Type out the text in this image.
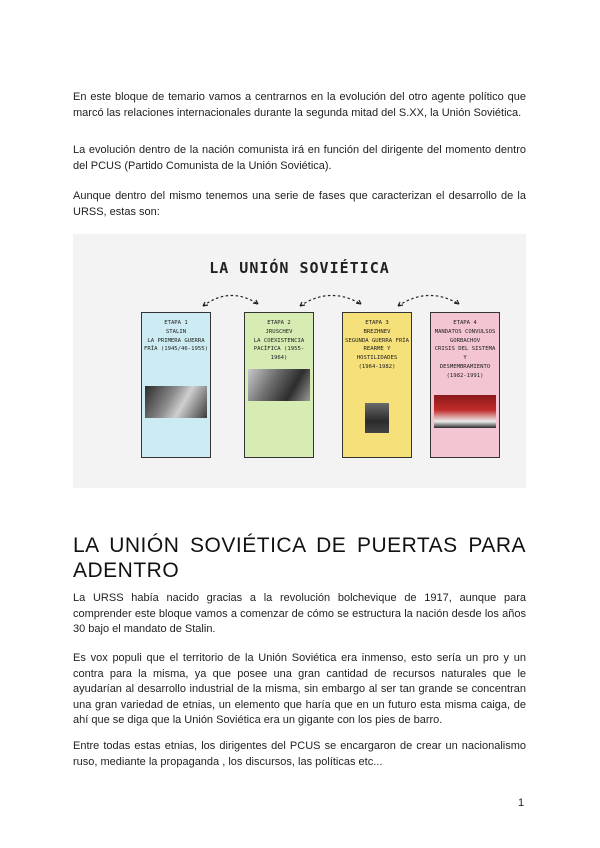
En este bloque de temario vamos a centrarnos en la evolución del otro agente político que marcó las relaciones internacionales durante la segunda mitad del S.XX, la Unión Soviética.

La evolución dentro de la nación comunista irá en función del dirigente del momento dentro del PCUS (Partido Comunista de la Unión Soviética).

Aunque dentro del mismo tenemos una serie de fases que caracterizan el desarrollo de la URSS, estas son:

LA UNIÓN SOVIÉTICA
ETAPA 1
STALIN
LA PRIMERA GUERRA
FRÍA (1945/46-1955)
ETAPA 2
JRUSCHEV
LA COEXISTENCIA
PACÍFICA (1955-1964)
ETAPA 3
BREZHNEV
SEGUNDA GUERRA FRÍA
REARME Y
HOSTILIDADES
(1964-1982)
ETAPA 4
MANDATOS CONVULSOS
GORBACHOV
CRISIS DEL SISTEMA Y
DESMEMBRAMIENTO
(1982-1991)
LA UNIÓN SOVIÉTICA DE PUERTAS PARA
ADENTRO

La URSS había nacido gracias a la revolución bolchevique de 1917, aunque para comprender este bloque vamos a comenzar de cómo se estructura la nación desde los años 30 bajo el mandato de Stalin.

Es vox populi que el territorio de la Unión Soviética era inmenso, esto sería un pro y un contra para la misma, ya que posee una gran cantidad de recursos naturales que le ayudarían al desarrollo industrial de la misma, sin embargo al ser tan grande se concentran una gran variedad de etnias, un elemento que haría que en un futuro esta misma caiga, de ahí que se diga que la Unión Soviética era un gigante con los pies de barro.

Entre todas estas etnias, los dirigentes del PCUS se encargaron de crear un nacionalismo ruso, mediante la propaganda , los discursos, las políticas etc...

1
